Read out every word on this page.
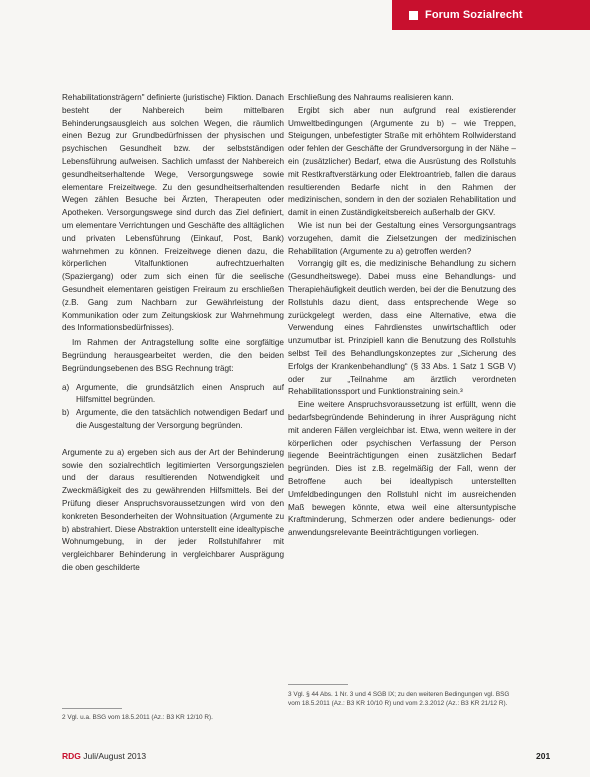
Forum Sozialrecht

Rehabilitationsträgern" definierte (juristische) Fiktion. Danach besteht der Nahbereich beim mittelbaren Behinderungsausgleich aus solchen Wegen, die räumlich einen Bezug zur Grundbedürfnissen der physischen und psychischen Gesundheit bzw. der selbstständigen Lebensführung aufweisen. Sachlich umfasst der Nahbereich gesundheitserhaltende Wege, Versorgungswege sowie elementare Freizeitwege. Zu den gesundheitserhaltenden Wegen zählen Besuche bei Ärzten, Therapeuten oder Apotheken. Versorgungswege sind durch das Ziel definiert, um elementare Verrichtungen und Geschäfte des alltäglichen und privaten Lebensführung (Einkauf, Post, Bank) wahrnehmen zu können. Freizeitwege dienen dazu, die körperlichen Vitalfunktionen aufrechtzuerhalten (Spaziergang) oder zum sich einen für die seelische Gesundheit elementaren geistigen Freiraum zu erschließen (z.B. Gang zum Nachbarn zur Gewährleistung der Kommunikation oder zum Zeitungskiosk zur Wahrnehmung des Informationsbedürfnisses).

Im Rahmen der Antragstellung sollte eine sorgfältige Begründung herausgearbeitet werden, die den beiden Begründungsebenen des BSG Rechnung trägt:

a) Argumente, die grundsätzlich einen Anspruch auf Hilfsmittel begründen.
b) Argumente, die den tatsächlich notwendigen Bedarf und die Ausgestaltung der Versorgung begründen.

Argumente zu a) ergeben sich aus der Art der Behinderung sowie den sozialrechtlich legitimierten Versorgungszielen und der daraus resultierenden Notwendigkeit und Zweckmäßigkeit des zu gewährenden Hilfsmittels. Bei der Prüfung dieser Anspruchsvoraussetzungen wird von den konkreten Besonderheiten der Wohnsituation (Argumente zu b) abstrahiert. Diese Abstraktion unterstellt eine idealtypische Wohnumgebung, in der jeder Rollstuhlfahrer mit vergleichbarer Behinderung in vergleichbarer Ausprägung die oben geschilderte

Erschließung des Nahraums realisieren kann.

Ergibt sich aber nun aufgrund real existierender Umweltbedingungen (Argumente zu b) – wie Treppen, Steigungen, unbefestigter Straße mit erhöhtem Rollwiderstand oder fehlen der Geschäfte der Grundversorgung in der Nähe – ein (zusätzlicher) Bedarf, etwa die Ausrüstung des Rollstuhls mit Restkraftverstärkung oder Elektroantrieb, fallen die daraus resultierenden Bedarfe nicht in den Rahmen der medizinischen, sondern in den der sozialen Rehabilitation und damit in einen Zuständigkeitsbereich außerhalb der GKV.

Wie ist nun bei der Gestaltung eines Versorgungsantrags vorzugehen, damit die Zielsetzungen der medizinischen Rehabilitation (Argumente zu a) getroffen werden?

Vorrangig gilt es, die medizinische Behandlung zu sichern (Gesundheitswege). Dabei muss eine Behandlungs- und Therapiehäufigkeit deutlich werden, bei der die Benutzung des Rollstuhls dazu dient, dass entsprechende Wege so zurückgelegt werden, dass eine Alternative, etwa die Verwendung eines Fahrdienstes unwirtschaftlich oder unzumutbar ist. Prinzipiell kann die Benutzung des Rollstuhls selbst Teil des Behandlungskonzeptes zur „Sicherung des Erfolgs der Krankenbehandlung“ (§ 33 Abs. 1 Satz 1 SGB V) oder zur „Teilnahme am ärztlich verordneten Rehabilitationssport und Funktionstraining sein.³

Eine weitere Anspruchsvoraussetzung ist erfüllt, wenn die bedarfsbegründende Behinderung in ihrer Ausprägung nicht mit anderen Fällen vergleichbar ist. Etwa, wenn weitere in der körperlichen oder psychischen Verfassung der Person liegende Beeinträchtigungen einen zusätzlichen Bedarf begründen. Dies ist z.B. regelmäßig der Fall, wenn der Betroffene auch bei idealtypisch unterstellten Umfeldbedingungen den Rollstuhl nicht im ausreichenden Maß bewegen könnte, etwa weil eine altersuntypische Kraftminderung, Schmerzen oder andere bedienungs- oder anwendungsrelevante Beeinträchtigungen vorliegen.

2 Vgl. u.a. BSG vom 18.5.2011 (Az.: B3 KR 12/10 R).
3 Vgl. § 44 Abs. 1 Nr. 3 und 4 SGB IX; zu den weiteren Bedingungen vgl. BSG vom 18.5.2011 (Az.: B3 KR 10/10 R) und vom 2.3.2012 (Az.: B3 KR 21/12 R).
RDG Juli/August 2013	201
